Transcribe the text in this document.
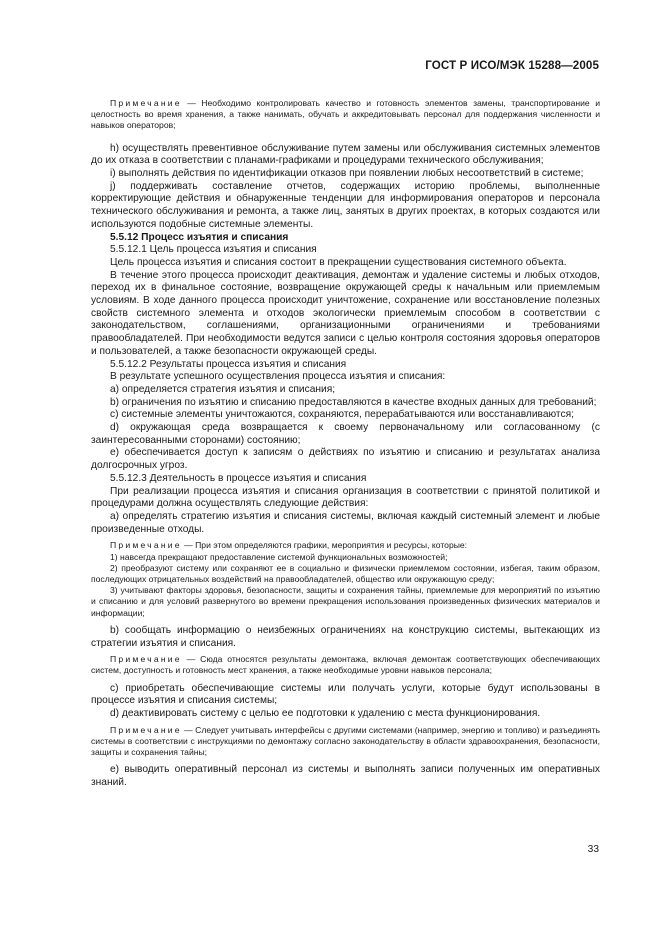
ГОСТ Р ИСО/МЭК 15288—2005

Примечание — Необходимо контролировать качество и готовность элементов замены, транспортирование и целостность во время хранения, а также нанимать, обучать и аккредитовывать персонал для поддержания численности и навыков операторов;

h) осуществлять превентивное обслуживание путем замены или обслуживания системных элементов до их отказа в соответствии с планами-графиками и процедурами технического обслуживания;

i) выполнять действия по идентификации отказов при появлении любых несоответствий в системе;

j) поддерживать составление отчетов, содержащих историю проблемы, выполненные корректирующие действия и обнаруженные тенденции для информирования операторов и персонала технического обслуживания и ремонта, а также лиц, занятых в других проектах, в которых создаются или используются подобные системные элементы.

5.5.12 Процесс изъятия и списания

5.5.12.1 Цель процесса изъятия и списания

Цель процесса изъятия и списания состоит в прекращении существования системного объекта.

В течение этого процесса происходит деактивация, демонтаж и удаление системы и любых отходов, переход их в финальное состояние, возвращение окружающей среды к начальным или приемлемым условиям. В ходе данного процесса происходит уничтожение, сохранение или восстановление полезных свойств системного элемента и отходов экологически приемлемым способом в соответствии с законодательством, соглашениями, организационными ограничениями и требованиями правообладателей. При необходимости ведутся записи с целью контроля состояния здоровья операторов и пользователей, а также безопасности окружающей среды.

5.5.12.2 Результаты процесса изъятия и списания

В результате успешного осуществления процесса изъятия и списания:

а) определяется стратегия изъятия и списания;

b) ограничения по изъятию и списанию предоставляются в качестве входных данных для требований;

c) системные элементы уничтожаются, сохраняются, перерабатываются или восстанавливаются;

d) окружающая среда возвращается к своему первоначальному или согласованному (с заинтересованными сторонами) состоянию;

e) обеспечивается доступ к записям о действиях по изъятию и списанию и результатах анализа долгосрочных угроз.

5.5.12.3 Деятельность в процессе изъятия и списания

При реализации процесса изъятия и списания организация в соответствии с принятой политикой и процедурами должна осуществлять следующие действия:

а) определять стратегию изъятия и списания системы, включая каждый системный элемент и любые произведенные отходы.

Примечание — При этом определяются графики, мероприятия и ресурсы, которые:

1) навсегда прекращают предоставление системой функциональных возможностей;

2) преобразуют систему или сохраняют ее в социально и физически приемлемом состоянии, избегая, таким образом, последующих отрицательных воздействий на правообладателей, общество или окружающую среду;

3) учитывают факторы здоровья, безопасности, защиты и сохранения тайны, приемлемые для мероприятий по изъятию и списанию и для условий развернутого во времени прекращения использования произведенных физических материалов и информации;

b) сообщать информацию о неизбежных ограничениях на конструкцию системы, вытекающих из стратегии изъятия и списания.

Примечание — Сюда относятся результаты демонтажа, включая демонтаж соответствующих обеспечивающих систем, доступность и готовность мест хранения, а также необходимые уровни навыков персонала;

c) приобретать обеспечивающие системы или получать услуги, которые будут использованы в процессе изъятия и списания системы;

d) деактивировать систему с целью ее подготовки к удалению с места функционирования.

Примечание — Следует учитывать интерфейсы с другими системами (например, энергию и топливо) и разъединять системы в соответствии с инструкциями по демонтажу согласно законодательству в области здравоохранения, безопасности, защиты и сохранения тайны;

e) выводить оперативный персонал из системы и выполнять записи полученных им оперативных знаний.

33
